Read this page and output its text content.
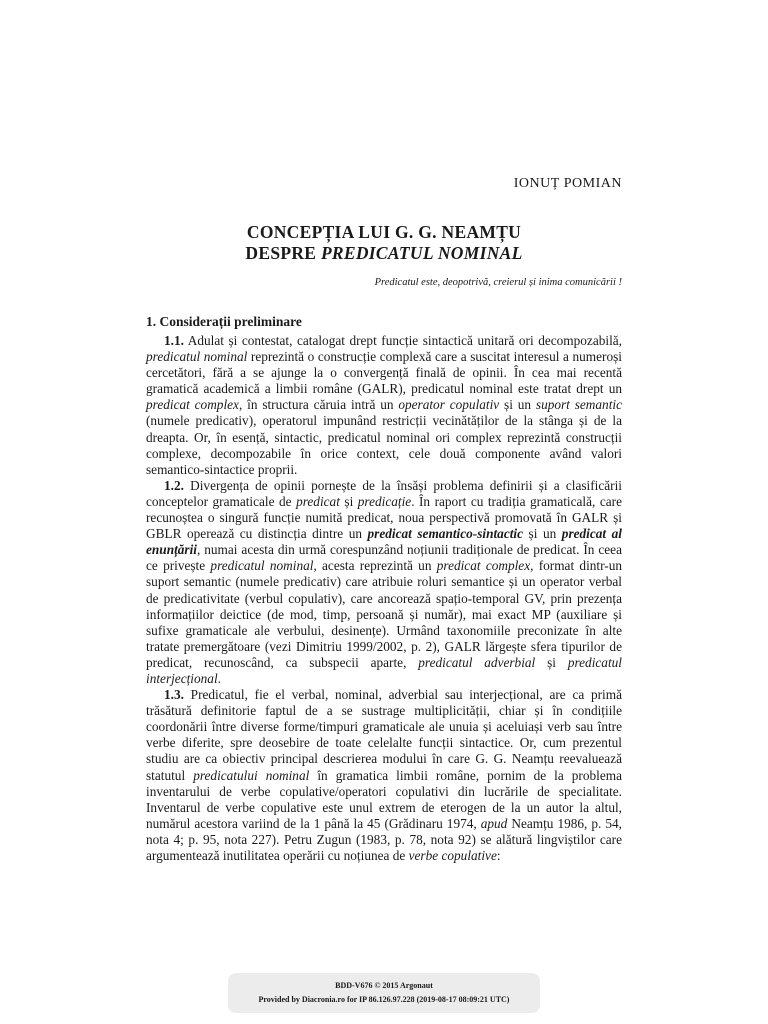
IONUȚ POMIAN
CONCEPȚIA LUI G. G. NEAMȚU
DESPRE PREDICATUL NOMINAL
Predicatul este, deopotrivă, creierul și inima comunicării !
1. Considerații preliminare

1.1. Adulat și contestat, catalogat drept funcție sintactică unitară ori decompozabilă, predicatul nominal reprezintă o construcție complexă care a suscitat interesul a numeroși cercetători, fără a se ajunge la o convergență finală de opinii. În cea mai recentă gramatică academică a limbii române (GALR), predicatul nominal este tratat drept un predicat complex, în structura căruia intră un operator copulativ și un suport semantic (numele predicativ), operatorul impunând restricții vecinătăților de la stânga și de la dreapta. Or, în esență, sintactic, predicatul nominal ori complex reprezintă construcții complexe, decompozabile în orice context, cele două componente având valori semantico-sintactice proprii.

1.2. Divergența de opinii pornește de la însăși problema definirii și a clasificării conceptelor gramaticale de predicat și predicație. În raport cu tradiția gramaticală, care recunoștea o singură funcție numită predicat, noua perspectivă promovată în GALR și GBLR operează cu distincția dintre un predicat semantico-sintactic și un predicat al enunțării, numai acesta din urmă corespunzând noțiunii tradiționale de predicat. În ceea ce privește predicatul nominal, acesta reprezintă un predicat complex, format dintr-un suport semantic (numele predicativ) care atribuie roluri semantice și un operator verbal de predicativitate (verbul copulativ), care ancorează spațio-temporal GV, prin prezența informațiilor deictice (de mod, timp, persoană și număr), mai exact MP (auxiliare și sufixe gramaticale ale verbului, desinențe). Urmând taxonomiile preconizate în alte tratate premergătoare (vezi Dimitriu 1999/2002, p. 2), GALR lărgește sfera tipurilor de predicat, recunoscând, ca subspecii aparte, predicatul adverbial și predicatul interjecțional.

1.3. Predicatul, fie el verbal, nominal, adverbial sau interjecțional, are ca primă trăsătură definitorie faptul de a se sustrage multiplicității, chiar și în condițiile coordonării între diverse forme/timpuri gramaticale ale unuia și aceluiași verb sau între verbe diferite, spre deosebire de toate celelalte funcții sintactice. Or, cum prezentul studiu are ca obiectiv principal descrierea modului în care G. G. Neamțu reevaluează statutul predicatului nominal în gramatica limbii române, pornim de la problema inventarului de verbe copulative/operatori copulativi din lucrările de specialitate. Inventarul de verbe copulative este unul extrem de eterogen de la un autor la altul, numărul acestora variind de la 1 până la 45 (Grădinaru 1974, apud Neamțu 1986, p. 54, nota 4; p. 95, nota 227). Petru Zugun (1983, p. 78, nota 92) se alătură lingviștilor care argumentează inutilitatea operării cu noțiunea de verbe copulative:

BDD-V676 © 2015 Argonaut
Provided by Diacronia.ro for IP 86.126.97.228 (2019-08-17 08:09:21 UTC)
